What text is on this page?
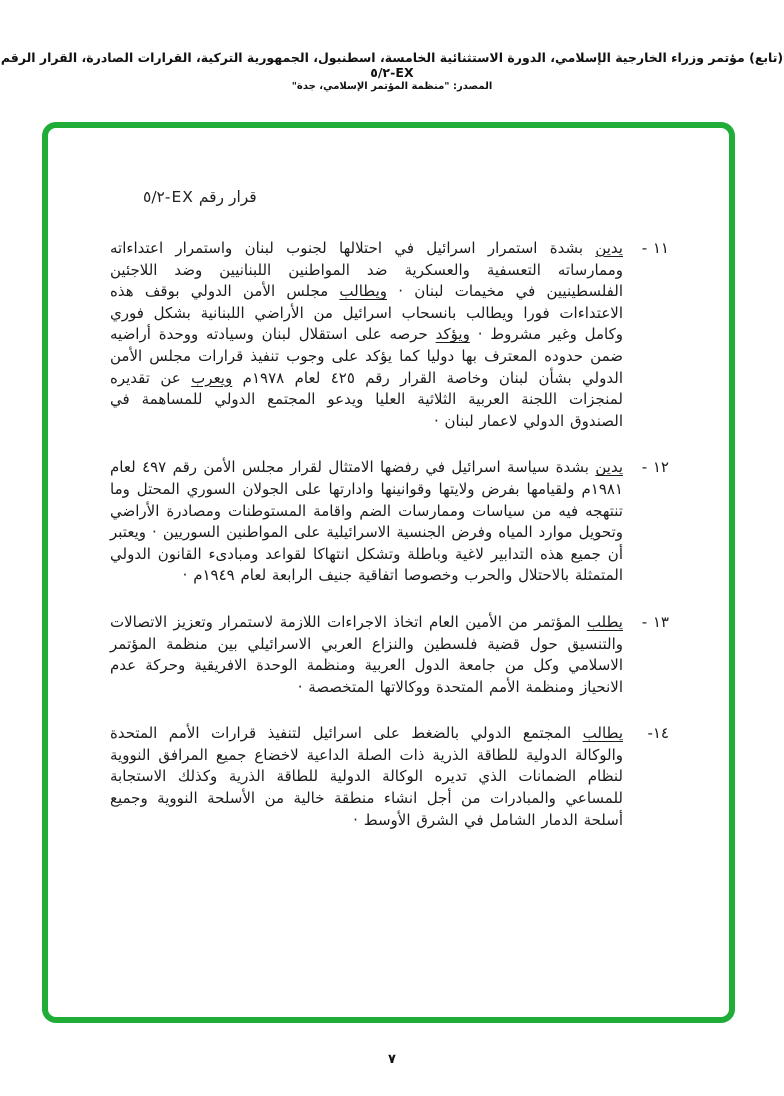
(تابع) مؤتمر وزراء الخارجية الإسلامي، الدورة الاستثنائية الخامسة، اسطنبول، الجمهورية التركية، القرارات الصادرة، القرار الرقم ‎EX-٥/٢‎
المصدر: "منظمة المؤتمر الإسلامي، جدة"
قرار رقم ‎EX-٥/٢‎
١١ -
يدين بشدة استمرار اسرائيل في احتلالها لجنوب لبنان واستمرار اعتداءاته وممارساته التعسفية والعسكرية ضد المواطنين اللبنانيين وضد اللاجئين الفلسطينيين في مخيمات لبنان · ويطالب مجلس الأمن الدولي بوقف هذه الاعتداءات فورا ويطالب بانسحاب اسرائيل من الأراضي اللبنانية بشكل فوري وكامل وغير مشروط · ويؤكد حرصه على استقلال لبنان وسيادته ووحدة أراضيه ضمن حدوده المعترف بها دوليا كما يؤكد على وجوب تنفيذ قرارات مجلس الأمن الدولي بشأن لبنان وخاصة القرار رقم ٤٢٥ لعام ١٩٧٨م ويعرب عن تقديره لمنجزات اللجنة العربية الثلاثية العليا ويدعو المجتمع الدولي للمساهمة في الصندوق الدولي لاعمار لبنان ·
١٢ -
يدين بشدة سياسة اسرائيل في رفضها الامتثال لقرار مجلس الأمن رقم ٤٩٧ لعام ١٩٨١م ولقيامها بفرض ولايتها وقوانينها وادارتها على الجولان السوري المحتل وما تنتهجه فيه من سياسات وممارسات الضم واقامة المستوطنات ومصادرة الأراضي وتحويل موارد المياه وفرض الجنسية الاسرائيلية على المواطنين السوريين · ويعتبر أن جميع هذه التدابير لاغية وباطلة وتشكل انتهاكا لقواعد ومبادىء القانون الدولي المتمثلة بالاحتلال والحرب وخصوصا اتفاقية جنيف الرابعة لعام ١٩٤٩م ·
١٣ -
يطلب المؤتمر من الأمين العام اتخاذ الاجراءات اللازمة لاستمرار وتعزيز الاتصالات والتنسيق حول قضية فلسطين والنزاع العربي الاسرائيلي بين منظمة المؤتمر الاسلامي وكل من جامعة الدول العربية ومنظمة الوحدة الافريقية وحركة عدم الانحياز ومنظمة الأمم المتحدة ووكالاتها المتخصصة ·
١٤-
يطالب المجتمع الدولي بالضغط على اسرائيل لتنفيذ قرارات الأمم المتحدة والوكالة الدولية للطاقة الذرية ذات الصلة الداعية لاخضاع جميع المرافق النووية لنظام الضمانات الذي تديره الوكالة الدولية للطاقة الذرية وكذلك الاستجابة للمساعي والمبادرات من أجل انشاء منطقة خالية من الأسلحة النووية وجميع أسلحة الدمار الشامل في الشرق الأوسط ·
٧
